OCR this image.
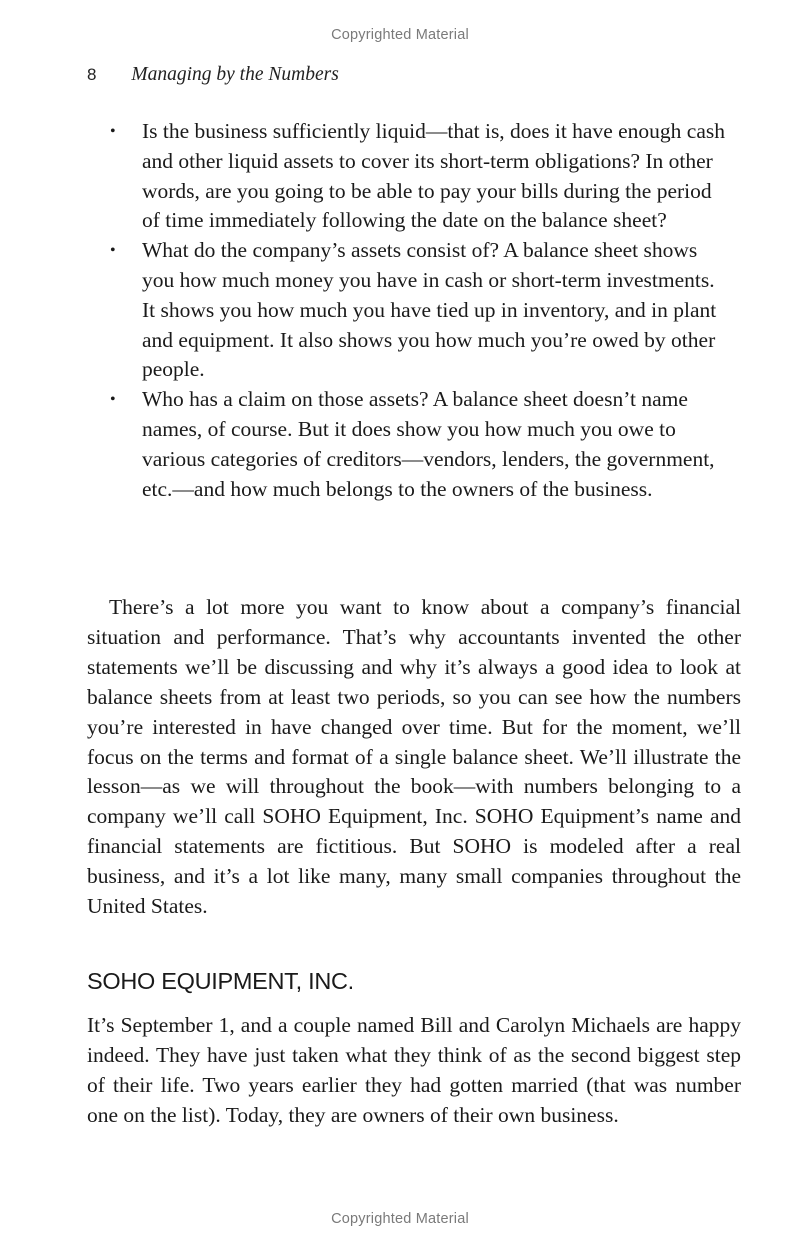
Copyrighted Material
8 Managing by the Numbers
•	Is the business sufficiently liquid—that is, does it have enough cash and other liquid assets to cover its short-term obligations? In other words, are you going to be able to pay your bills during the period of time immediately following the date on the balance sheet?
•	What do the company’s assets consist of? A balance sheet shows you how much money you have in cash or short-term investments. It shows you how much you have tied up in inventory, and in plant and equipment. It also shows you how much you’re owed by other people.
•	Who has a claim on those assets? A balance sheet doesn’t name names, of course. But it does show you how much you owe to various categories of creditors—vendors, lenders, the government, etc.—and how much belongs to the owners of the business.

There’s a lot more you want to know about a company’s financial situation and performance. That’s why accountants invented the other statements we’ll be discussing and why it’s always a good idea to look at balance sheets from at least two periods, so you can see how the numbers you’re interested in have changed over time. But for the moment, we’ll focus on the terms and format of a single balance sheet. We’ll illustrate the lesson—as we will throughout the book—with numbers belonging to a company we’ll call SOHO Equipment, Inc. SOHO Equipment’s name and financial statements are fictitious. But SOHO is modeled after a real business, and it’s a lot like many, many small companies throughout the United States.

SOHO EQUIPMENT, INC.

It’s September 1, and a couple named Bill and Carolyn Michaels are happy indeed. They have just taken what they think of as the second biggest step of their life. Two years earlier they had gotten married (that was number one on the list). Today, they are owners of their own business.

Copyrighted Material
